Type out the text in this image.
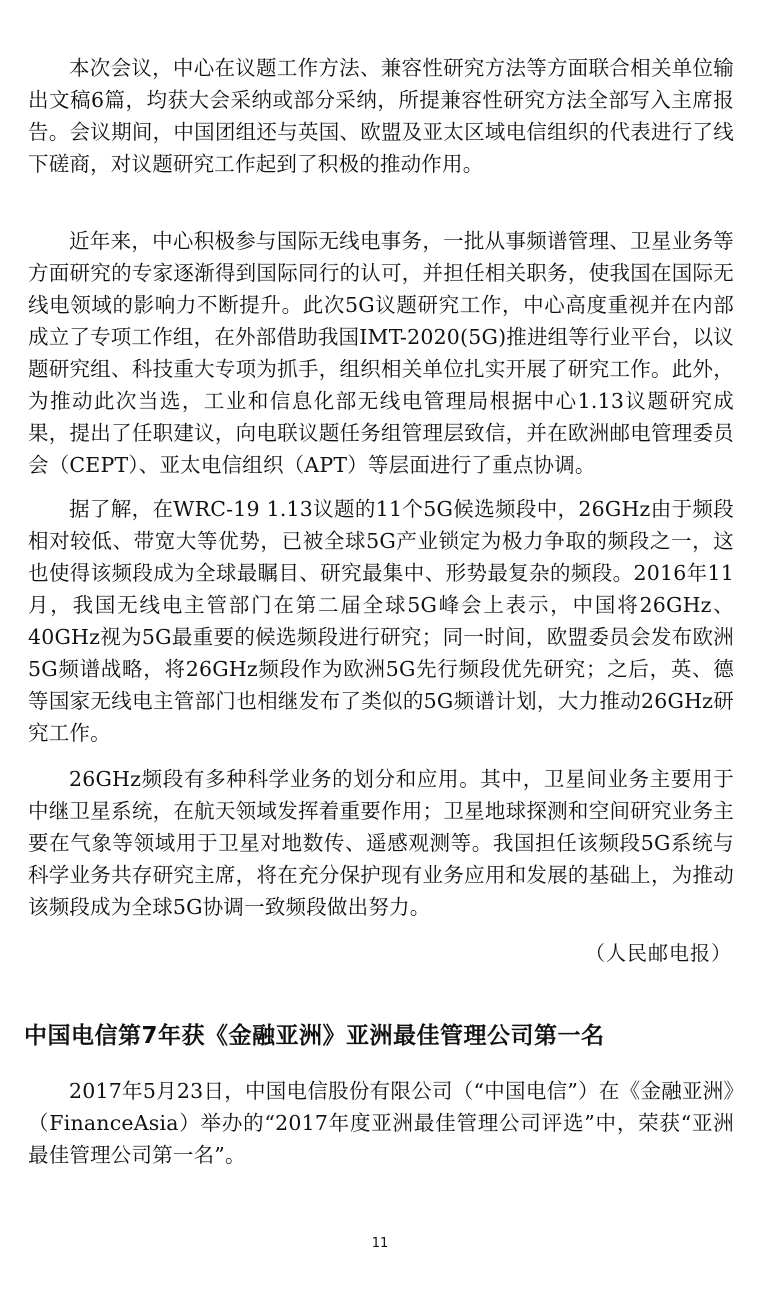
本次会议，中心在议题工作方法、兼容性研究方法等方面联合相关单位输出文稿6篇，均获大会采纳或部分采纳，所提兼容性研究方法全部写入主席报告。会议期间，中国团组还与英国、欧盟及亚太区域电信组织的代表进行了线下磋商，对议题研究工作起到了积极的推动作用。

近年来，中心积极参与国际无线电事务，一批从事频谱管理、卫星业务等方面研究的专家逐渐得到国际同行的认可，并担任相关职务，使我国在国际无线电领域的影响力不断提升。此次5G议题研究工作，中心高度重视并在内部成立了专项工作组，在外部借助我国IMT-2020(5G)推进组等行业平台，以议题研究组、科技重大专项为抓手，组织相关单位扎实开展了研究工作。此外，为推动此次当选，工业和信息化部无线电管理局根据中心1.13议题研究成果，提出了任职建议，向电联议题任务组管理层致信，并在欧洲邮电管理委员会（CEPT）、亚太电信组织（APT）等层面进行了重点协调。

据了解，在WRC-19 1.13议题的11个5G候选频段中，26GHz由于频段相对较低、带宽大等优势，已被全球5G产业锁定为极力争取的频段之一，这也使得该频段成为全球最瞩目、研究最集中、形势最复杂的频段。2016年11月，我国无线电主管部门在第二届全球5G峰会上表示，中国将26GHz、40GHz视为5G最重要的候选频段进行研究；同一时间，欧盟委员会发布欧洲5G频谱战略，将26GHz频段作为欧洲5G先行频段优先研究；之后，英、德等国家无线电主管部门也相继发布了类似的5G频谱计划，大力推动26GHz研究工作。

26GHz频段有多种科学业务的划分和应用。其中，卫星间业务主要用于中继卫星系统，在航天领域发挥着重要作用；卫星地球探测和空间研究业务主要在气象等领域用于卫星对地数传、遥感观测等。我国担任该频段5G系统与科学业务共存研究主席，将在充分保护现有业务应用和发展的基础上，为推动该频段成为全球5G协调一致频段做出努力。

（人民邮电报）

中国电信第7年获《金融亚洲》亚洲最佳管理公司第一名

2017年5月23日，中国电信股份有限公司（“中国电信”）在《金融亚洲》（FinanceAsia）举办的“2017年度亚洲最佳管理公司评选”中，荣获“亚洲最佳管理公司第一名”。

11
